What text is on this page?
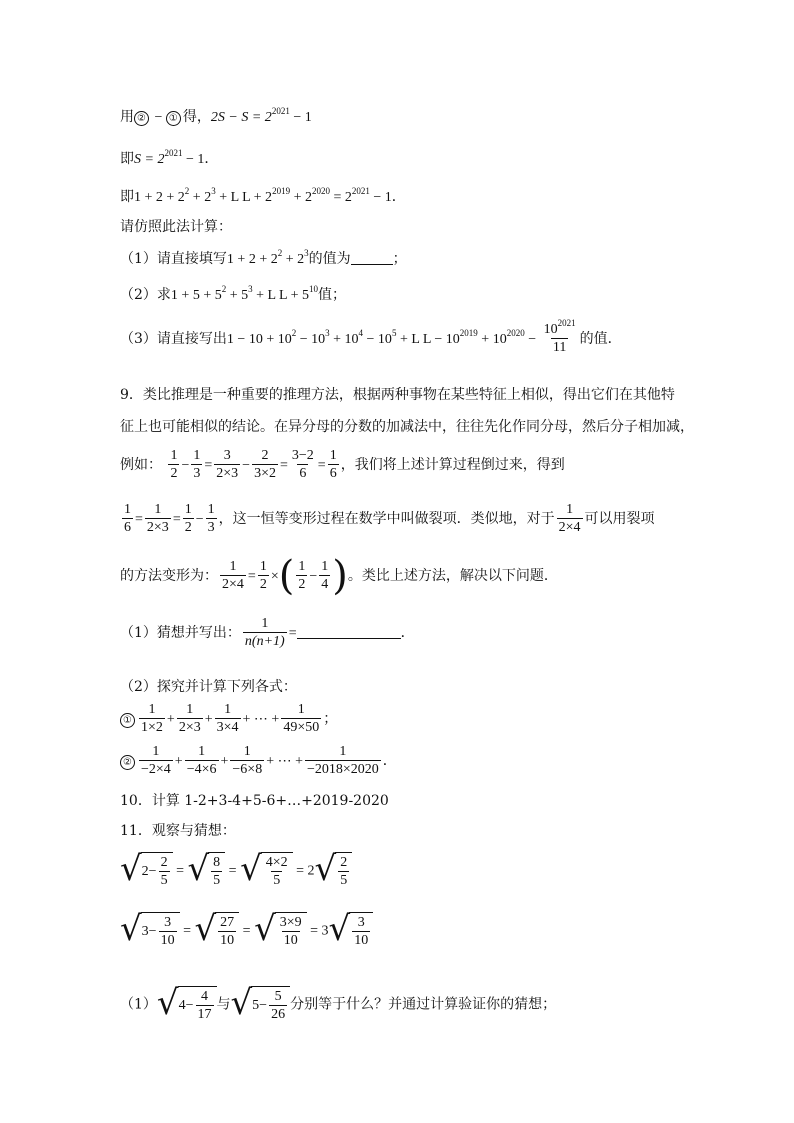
用 ② − ① 得，$2S - S = 2^{2021} - 1$
即$S = 2^{2021} - 1$．
即$1 + 2 + 2^2 + 2^3 + L$ $L + 2^{2019} + 2^{2020} = 2^{2021} - 1$．
请仿照此法计算：
（1）请直接填写$1 + 2 + 2^2 + 2^3$的值为	；
（2）求$1 + 5 + 5^2 + 5^3 + L$ $L + 5^{10}$值；
（3）请直接写出$1 - 10 + 10^2 - 10^3 + 10^4 - 10^5 + L$ $L - 10^{2019} + 10^{2020} - \frac{10^{2021}}{11}$ 的值．
9．类比推理是一种重要的推理方法，根据两种事物在某些特征上相似，得出它们在其他特
征上也可能相似的结论。在异分母的分数的加减法中，往往先化作同分母，然后分子相加减，
例如： $\frac{1}{2} - \frac{1}{3} = \frac{3}{2\times 3} - \frac{2}{3\times 2} = \frac{3-2}{6} = \frac{1}{6}$ ，我们将上述计算过程倒过来，得到
$\frac{1}{6} = \frac{1}{2\times 3} = \frac{1}{2} - \frac{1}{3}$ ，这一恒等变形过程在数学中叫做裂项．类似地，对于 $\frac{1}{2\times 4}$ 可以用裂项
的方法变形为： $\frac{1}{2\times 4} = \frac{1}{2}$ ×( $\frac{1}{2} - \frac{1}{4}$ )。类比上述方法，解决以下问题．
（1）猜想并写出： $\frac{1}{n(n+1)}$ =	．
（2）探究并计算下列各式：
① $\frac{1}{1\times 2} + \frac{1}{2\times 3} + \frac{1}{3\times 4}$ + ⋯ + $\frac{1}{49\times 50}$ ；
② $\frac{1}{-2\times 4} + \frac{1}{-4\times 6} + \frac{1}{-6\times 8}$ + ⋯ + $\frac{1}{-2018\times 2020}$ ．
10．计算 1-2+3-4+5-6+…+2019-2020
11．观察与猜想：
√ $2- \frac{2}{5}$ = √ $\frac{8}{5}$ = √ $\frac{4\times 2}{5} = 2$ √ $\frac{2}{5}$
√ $3- \frac{3}{10}$ = √ $\frac{27}{10}$ = √ $\frac{3\times 9}{10} = 3$ √ $\frac{3}{10}$
（1） √ $4- \frac{4}{17}$ 与 √ $5- \frac{5}{26}$ 分别等于什么？并通过计算验证你的猜想；
